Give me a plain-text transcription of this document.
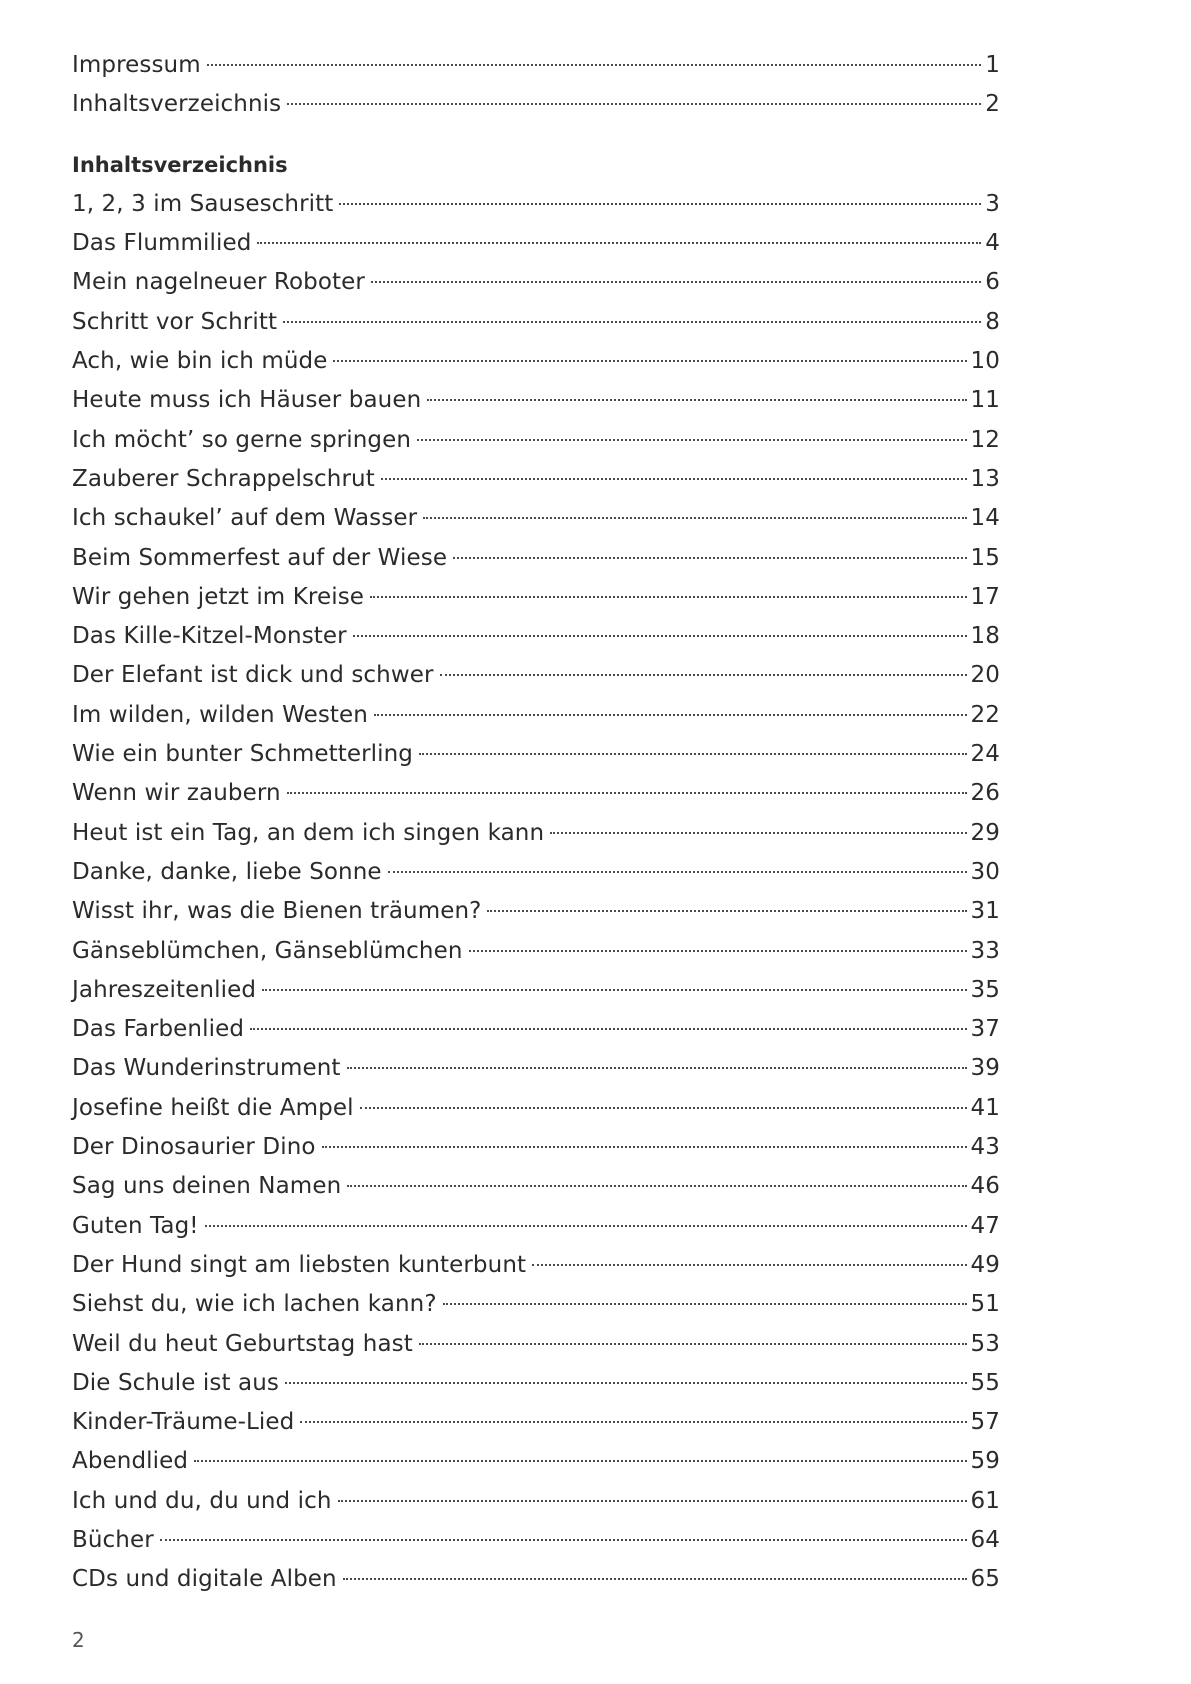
Impressum	1
Inhaltsverzeichnis	2
Inhaltsverzeichnis
1, 2, 3 im Sauseschritt	3
Das Flummilied	4
Mein nagelneuer Roboter	6
Schritt vor Schritt	8
Ach, wie bin ich müde	10
Heute muss ich Häuser bauen	11
Ich möcht’ so gerne springen	12
Zauberer Schrappelschrut	13
Ich schaukel’ auf dem Wasser	14
Beim Sommerfest auf der Wiese	15
Wir gehen jetzt im Kreise	17
Das Kille-Kitzel-Monster	18
Der Elefant ist dick und schwer	20
Im wilden, wilden Westen	22
Wie ein bunter Schmetterling	24
Wenn wir zaubern	26
Heut ist ein Tag, an dem ich singen kann	29
Danke, danke, liebe Sonne	30
Wisst ihr, was die Bienen träumen?	31
Gänseblümchen, Gänseblümchen	33
Jahreszeitenlied	35
Das Farbenlied	37
Das Wunderinstrument	39
Josefine heißt die Ampel	41
Der Dinosaurier Dino	43
Sag uns deinen Namen	46
Guten Tag!	47
Der Hund singt am liebsten kunterbunt	49
Siehst du, wie ich lachen kann?	51
Weil du heut Geburtstag hast	53
Die Schule ist aus	55
Kinder-Träume-Lied	57
Abendlied	59
Ich und du, du und ich	61
Bücher	64
CDs und digitale Alben	65
2
